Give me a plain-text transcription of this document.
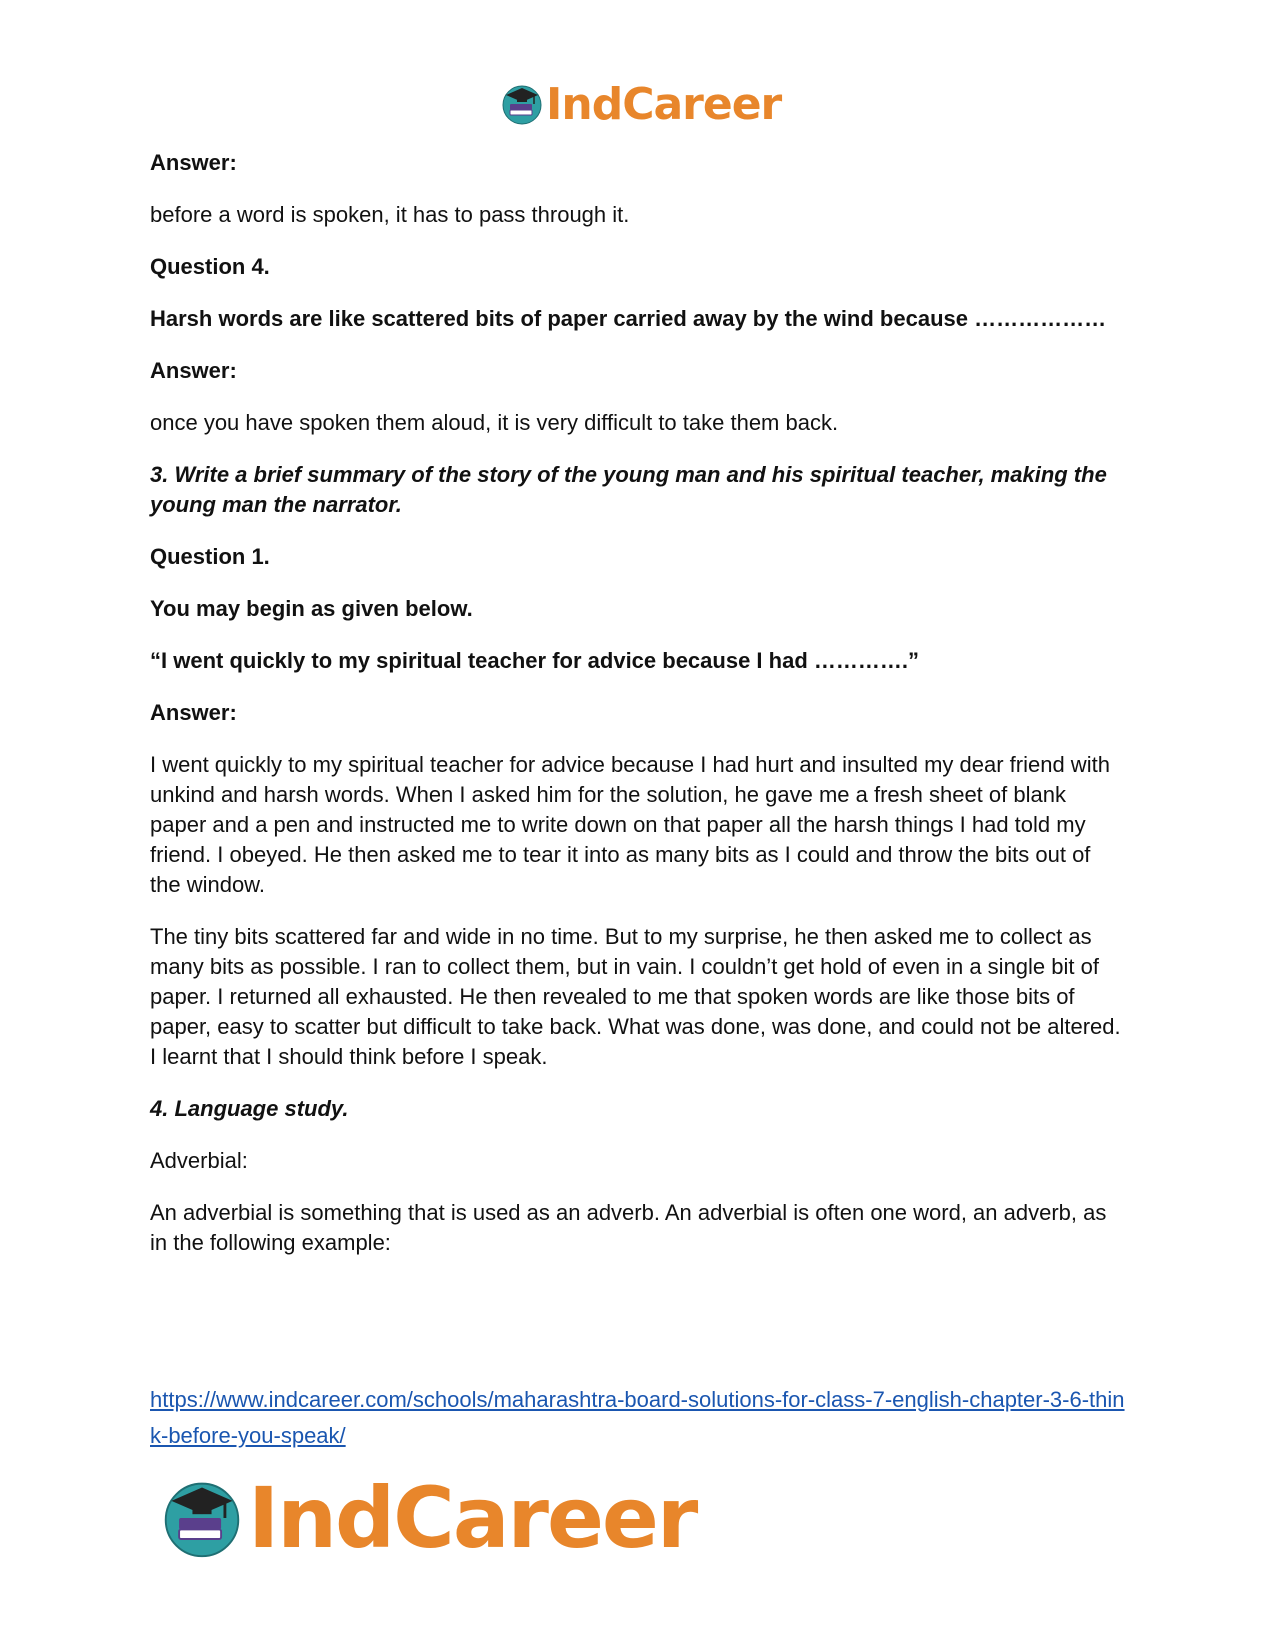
IndCareer

Answer:

before a word is spoken, it has to pass through it.

Question 4.

Harsh words are like scattered bits of paper carried away by the wind because ………………

Answer:

once you have spoken them aloud, it is very difficult to take them back.

3. Write a brief summary of the story of the young man and his spiritual teacher, making the young man the narrator.

Question 1.

You may begin as given below.

“I went quickly to my spiritual teacher for advice because I had ………….”

Answer:

I went quickly to my spiritual teacher for advice because I had hurt and insulted my dear friend with unkind and harsh words. When I asked him for the solution, he gave me a fresh sheet of blank paper and a pen and instructed me to write down on that paper all the harsh things I had told my friend. I obeyed. He then asked me to tear it into as many bits as I could and throw the bits out of the window.

The tiny bits scattered far and wide in no time. But to my surprise, he then asked me to collect as many bits as possible. I ran to collect them, but in vain. I couldn’t get hold of even in a single bit of paper. I returned all exhausted. He then revealed to me that spoken words are like those bits of paper, easy to scatter but difficult to take back. What was done, was done, and could not be altered. I learnt that I should think before I speak.

4. Language study.

Adverbial:

An adverbial is something that is used as an adverb. An adverbial is often one word, an adverb, as in the following example:

https://www.indcareer.com/schools/maharashtra-board-solutions-for-class-7-english-chapter-3-6-think-before-you-speak/
IndCareer
